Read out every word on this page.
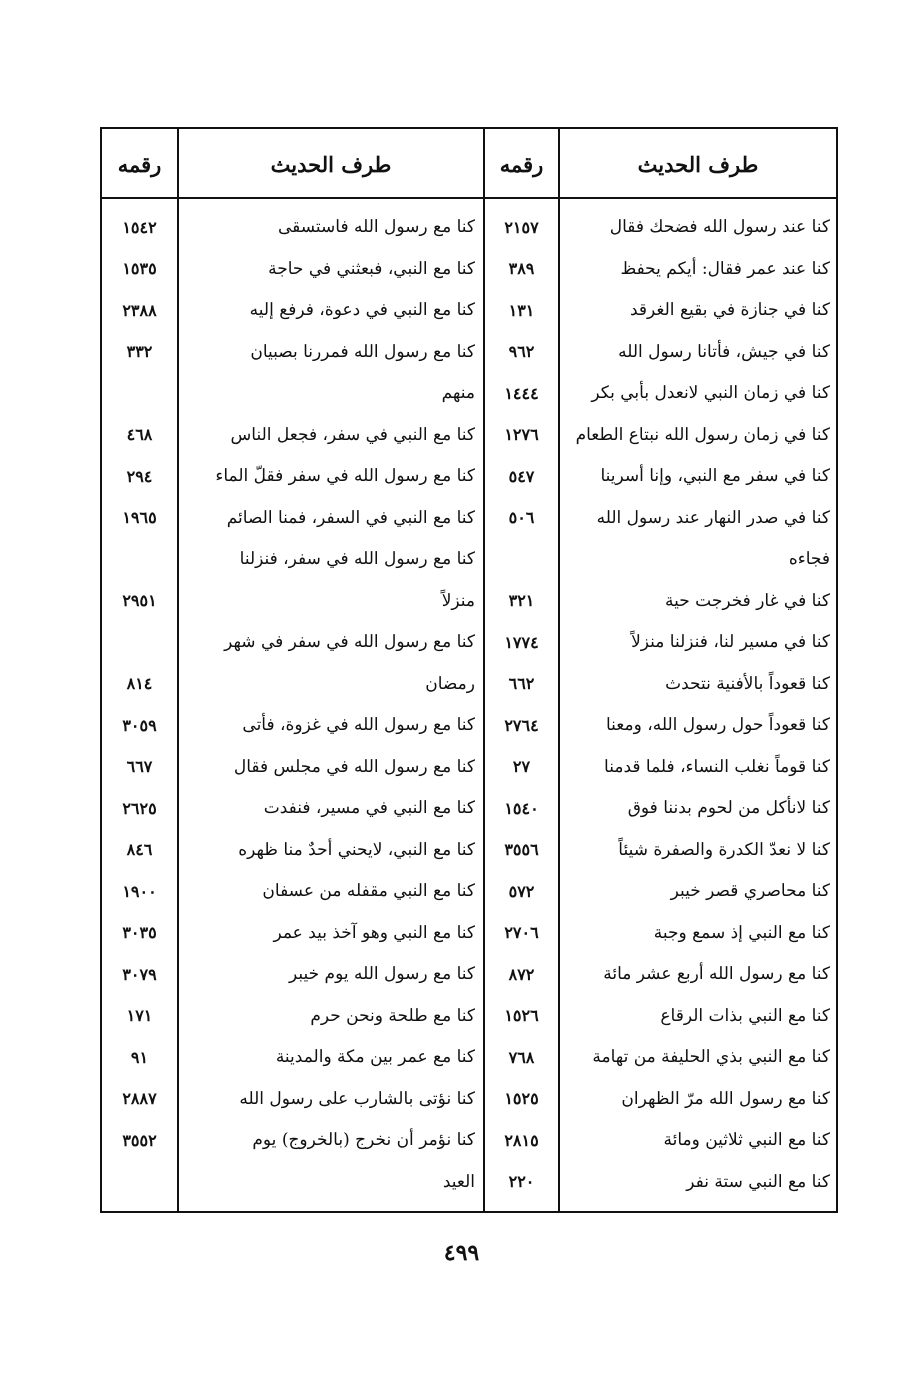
طرف الحديث
رقمه
طرف الحديث
رقمه
كنا عند رسول الله فضحك فقال
٢١٥٧
كنا عند عمر فقال: أيكم يحفظ
٣٨٩
كنا في جنازة في بقيع الغرقد
١٣١
كنا في جيش، فأتانا رسول الله
٩٦٢
كنا في زمان النبي لانعدل بأبي بكر
١٤٤٤
كنا في زمان رسول الله نبتاع الطعام
١٢٧٦
كنا في سفر مع النبي، وإنا أسرينا
٥٤٧
كنا في صدر النهار عند رسول الله
٥٠٦
فجاءه
كنا في غار فخرجت حية
٣٢١
كنا في مسير لنا، فنزلنا منزلاً
١٧٧٤
كنا قعوداً بالأفنية نتحدث
٦٦٢
كنا قعوداً حول رسول الله، ومعنا
٢٧٦٤
كنا قوماً نغلب النساء، فلما قدمنا
٢٧
كنا لانأكل من لحوم بدننا فوق
١٥٤٠
كنا لا نعدّ الكدرة والصفرة شيئاً
٣٥٥٦
كنا محاصري قصر خيبر
٥٧٢
كنا مع النبي إذ سمع وجبة
٢٧٠٦
كنا مع رسول الله أربع عشر مائة
٨٧٢
كنا مع النبي بذات الرقاع
١٥٢٦
كنا مع النبي بذي الحليفة من تهامة
٧٦٨
كنا مع رسول الله مرّ الظهران
١٥٢٥
كنا مع النبي ثلاثين ومائة
٢٨١٥
كنا مع النبي ستة نفر
٢٢٠
كنا مع رسول الله فاستسقى
١٥٤٢
كنا مع النبي، فبعثني في حاجة
١٥٣٥
كنا مع النبي في دعوة، فرفع إليه
٢٣٨٨
كنا مع رسول الله فمررنا بصبيان
٣٣٢
منهم
كنا مع النبي في سفر، فجعل الناس
٤٦٨
كنا مع رسول الله في سفر فقلّ الماء
٢٩٤
كنا مع النبي في السفر، فمنا الصائم
١٩٦٥
كنا مع رسول الله في سفر، فنزلنا
منزلاً
٢٩٥١
كنا مع رسول الله في سفر في شهر
رمضان
٨١٤
كنا مع رسول الله في غزوة، فأتى
٣٠٥٩
كنا مع رسول الله في مجلس فقال
٦٦٧
كنا مع النبي في مسير، فنفدت
٢٦٢٥
كنا مع النبي، لايحني أحدٌ منا ظهره
٨٤٦
كنا مع النبي مقفله من عسفان
١٩٠٠
كنا مع النبي وهو آخذ بيد عمر
٣٠٣٥
كنا مع رسول الله يوم خيبر
٣٠٧٩
كنا مع طلحة ونحن حرم
١٧١
كنا مع عمر بين مكة والمدينة
٩١
كنا نؤتى بالشارب على رسول الله
٢٨٨٧
كنا نؤمر أن نخرج (بالخروج) يوم
٣٥٥٢
العيد
٤٩٩
